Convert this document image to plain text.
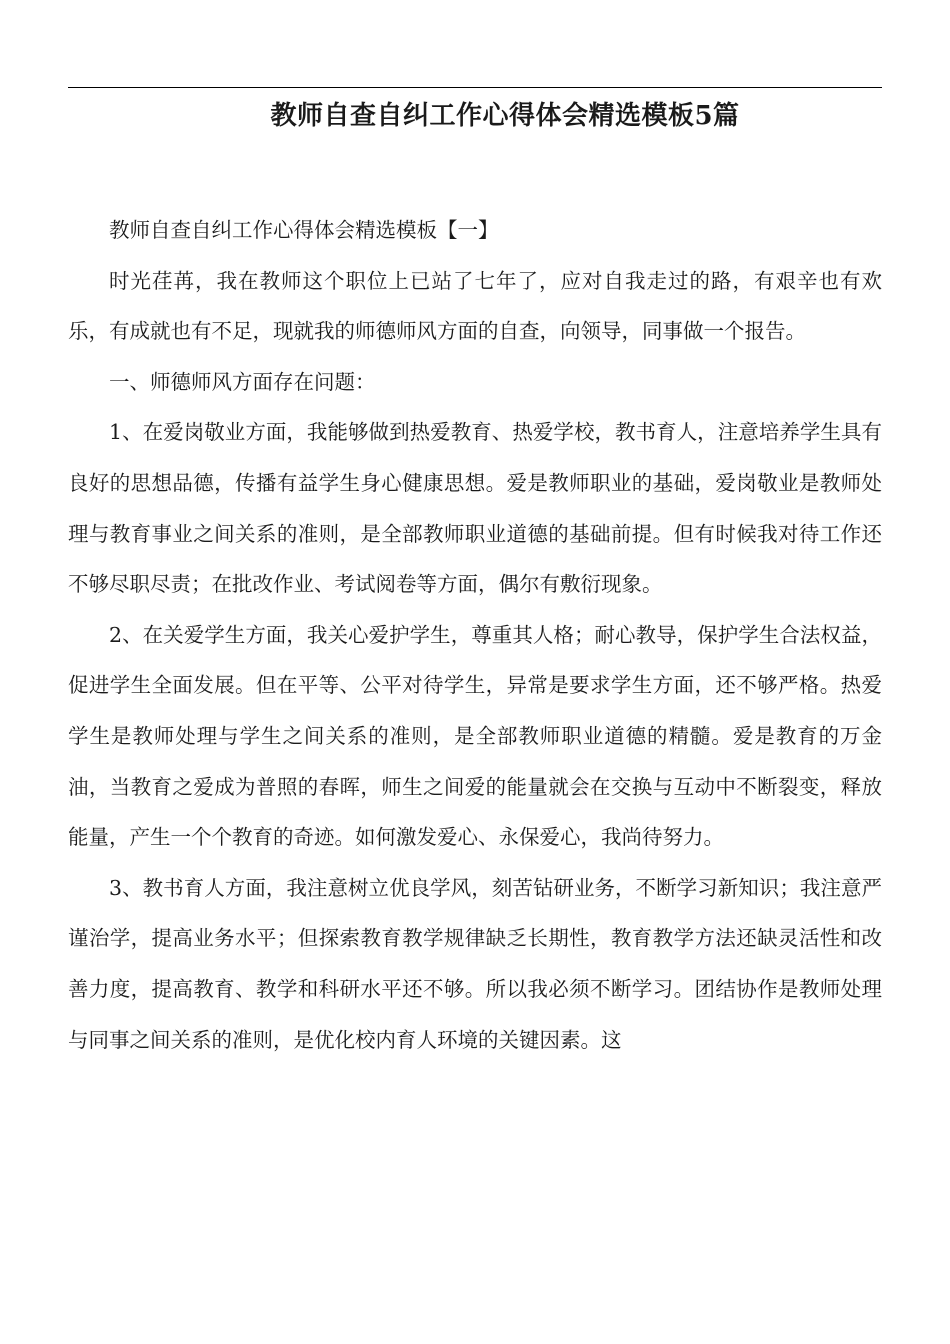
教师自查自纠工作心得体会精选模板5篇

教师自查自纠工作心得体会精选模板【一】

时光荏苒，我在教师这个职位上已站了七年了，应对自我走过的路，有艰辛也有欢乐，有成就也有不足，现就我的师德师风方面的自查，向领导，同事做一个报告。

一、师德师风方面存在问题：

1、在爱岗敬业方面，我能够做到热爱教育、热爱学校，教书育人，注意培养学生具有良好的思想品德，传播有益学生身心健康思想。爱是教师职业的基础，爱岗敬业是教师处理与教育事业之间关系的准则，是全部教师职业道德的基础前提。但有时候我对待工作还不够尽职尽责；在批改作业、考试阅卷等方面，偶尔有敷衍现象。

2、在关爱学生方面，我关心爱护学生，尊重其人格；耐心教导，保护学生合法权益，促进学生全面发展。但在平等、公平对待学生，异常是要求学生方面，还不够严格。热爱学生是教师处理与学生之间关系的准则，是全部教师职业道德的精髓。爱是教育的万金油，当教育之爱成为普照的春晖，师生之间爱的能量就会在交换与互动中不断裂变，释放能量，产生一个个教育的奇迹。如何激发爱心、永保爱心，我尚待努力。

3、教书育人方面，我注意树立优良学风，刻苦钻研业务，不断学习新知识；我注意严谨治学，提高业务水平；但探索教育教学规律缺乏长期性，教育教学方法还缺灵活性和改善力度，提高教育、教学和科研水平还不够。所以我必须不断学习。团结协作是教师处理与同事之间关系的准则，是优化校内育人环境的关键因素。这
